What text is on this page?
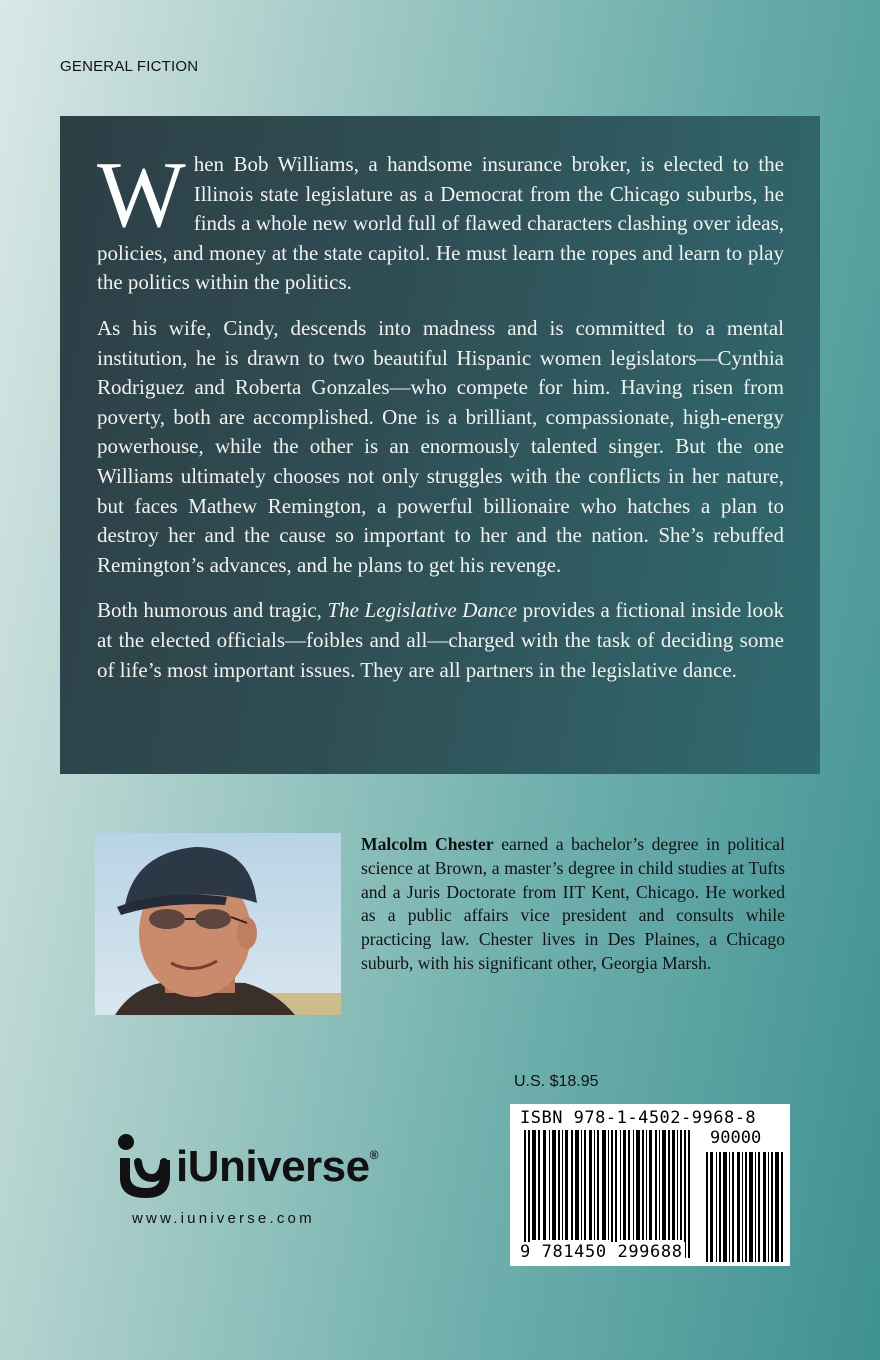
GENERAL FICTION

When Bob Williams, a handsome insurance broker, is elected to the Illinois state legislature as a Democrat from the Chicago suburbs, he finds a whole new world full of flawed characters clashing over ideas, policies, and money at the state capitol. He must learn the ropes and learn to play the politics within the politics.

As his wife, Cindy, descends into madness and is committed to a mental institution, he is drawn to two beautiful Hispanic women legislators—Cynthia Rodriguez and Roberta Gonzales—who compete for him. Having risen from poverty, both are accomplished. One is a brilliant, compassionate, high-energy powerhouse, while the other is an enormously talented singer. But the one Williams ultimately chooses not only struggles with the conflicts in her nature, but faces Mathew Remington, a powerful billionaire who hatches a plan to destroy her and the cause so important to her and the nation. She’s rebuffed Remington’s advances, and he plans to get his revenge.

Both humorous and tragic, The Legislative Dance provides a fictional inside look at the elected officials—foibles and all—charged with the task of deciding some of life’s most important issues. They are all partners in the legislative dance.

Malcolm Chester earned a bachelor’s degree in political science at Brown, a master’s degree in child studies at Tufts and a Juris Doctorate from IIT Kent, Chicago. He worked as a public affairs vice president and consults while practicing law. Chester lives in Des Plaines, a Chicago suburb, with his significant other, Georgia Marsh.

U.S. $18.95
ISBN 978-1-4502-9968-8
90000
9 781450 299688
iUniverse®
www.iuniverse.com
